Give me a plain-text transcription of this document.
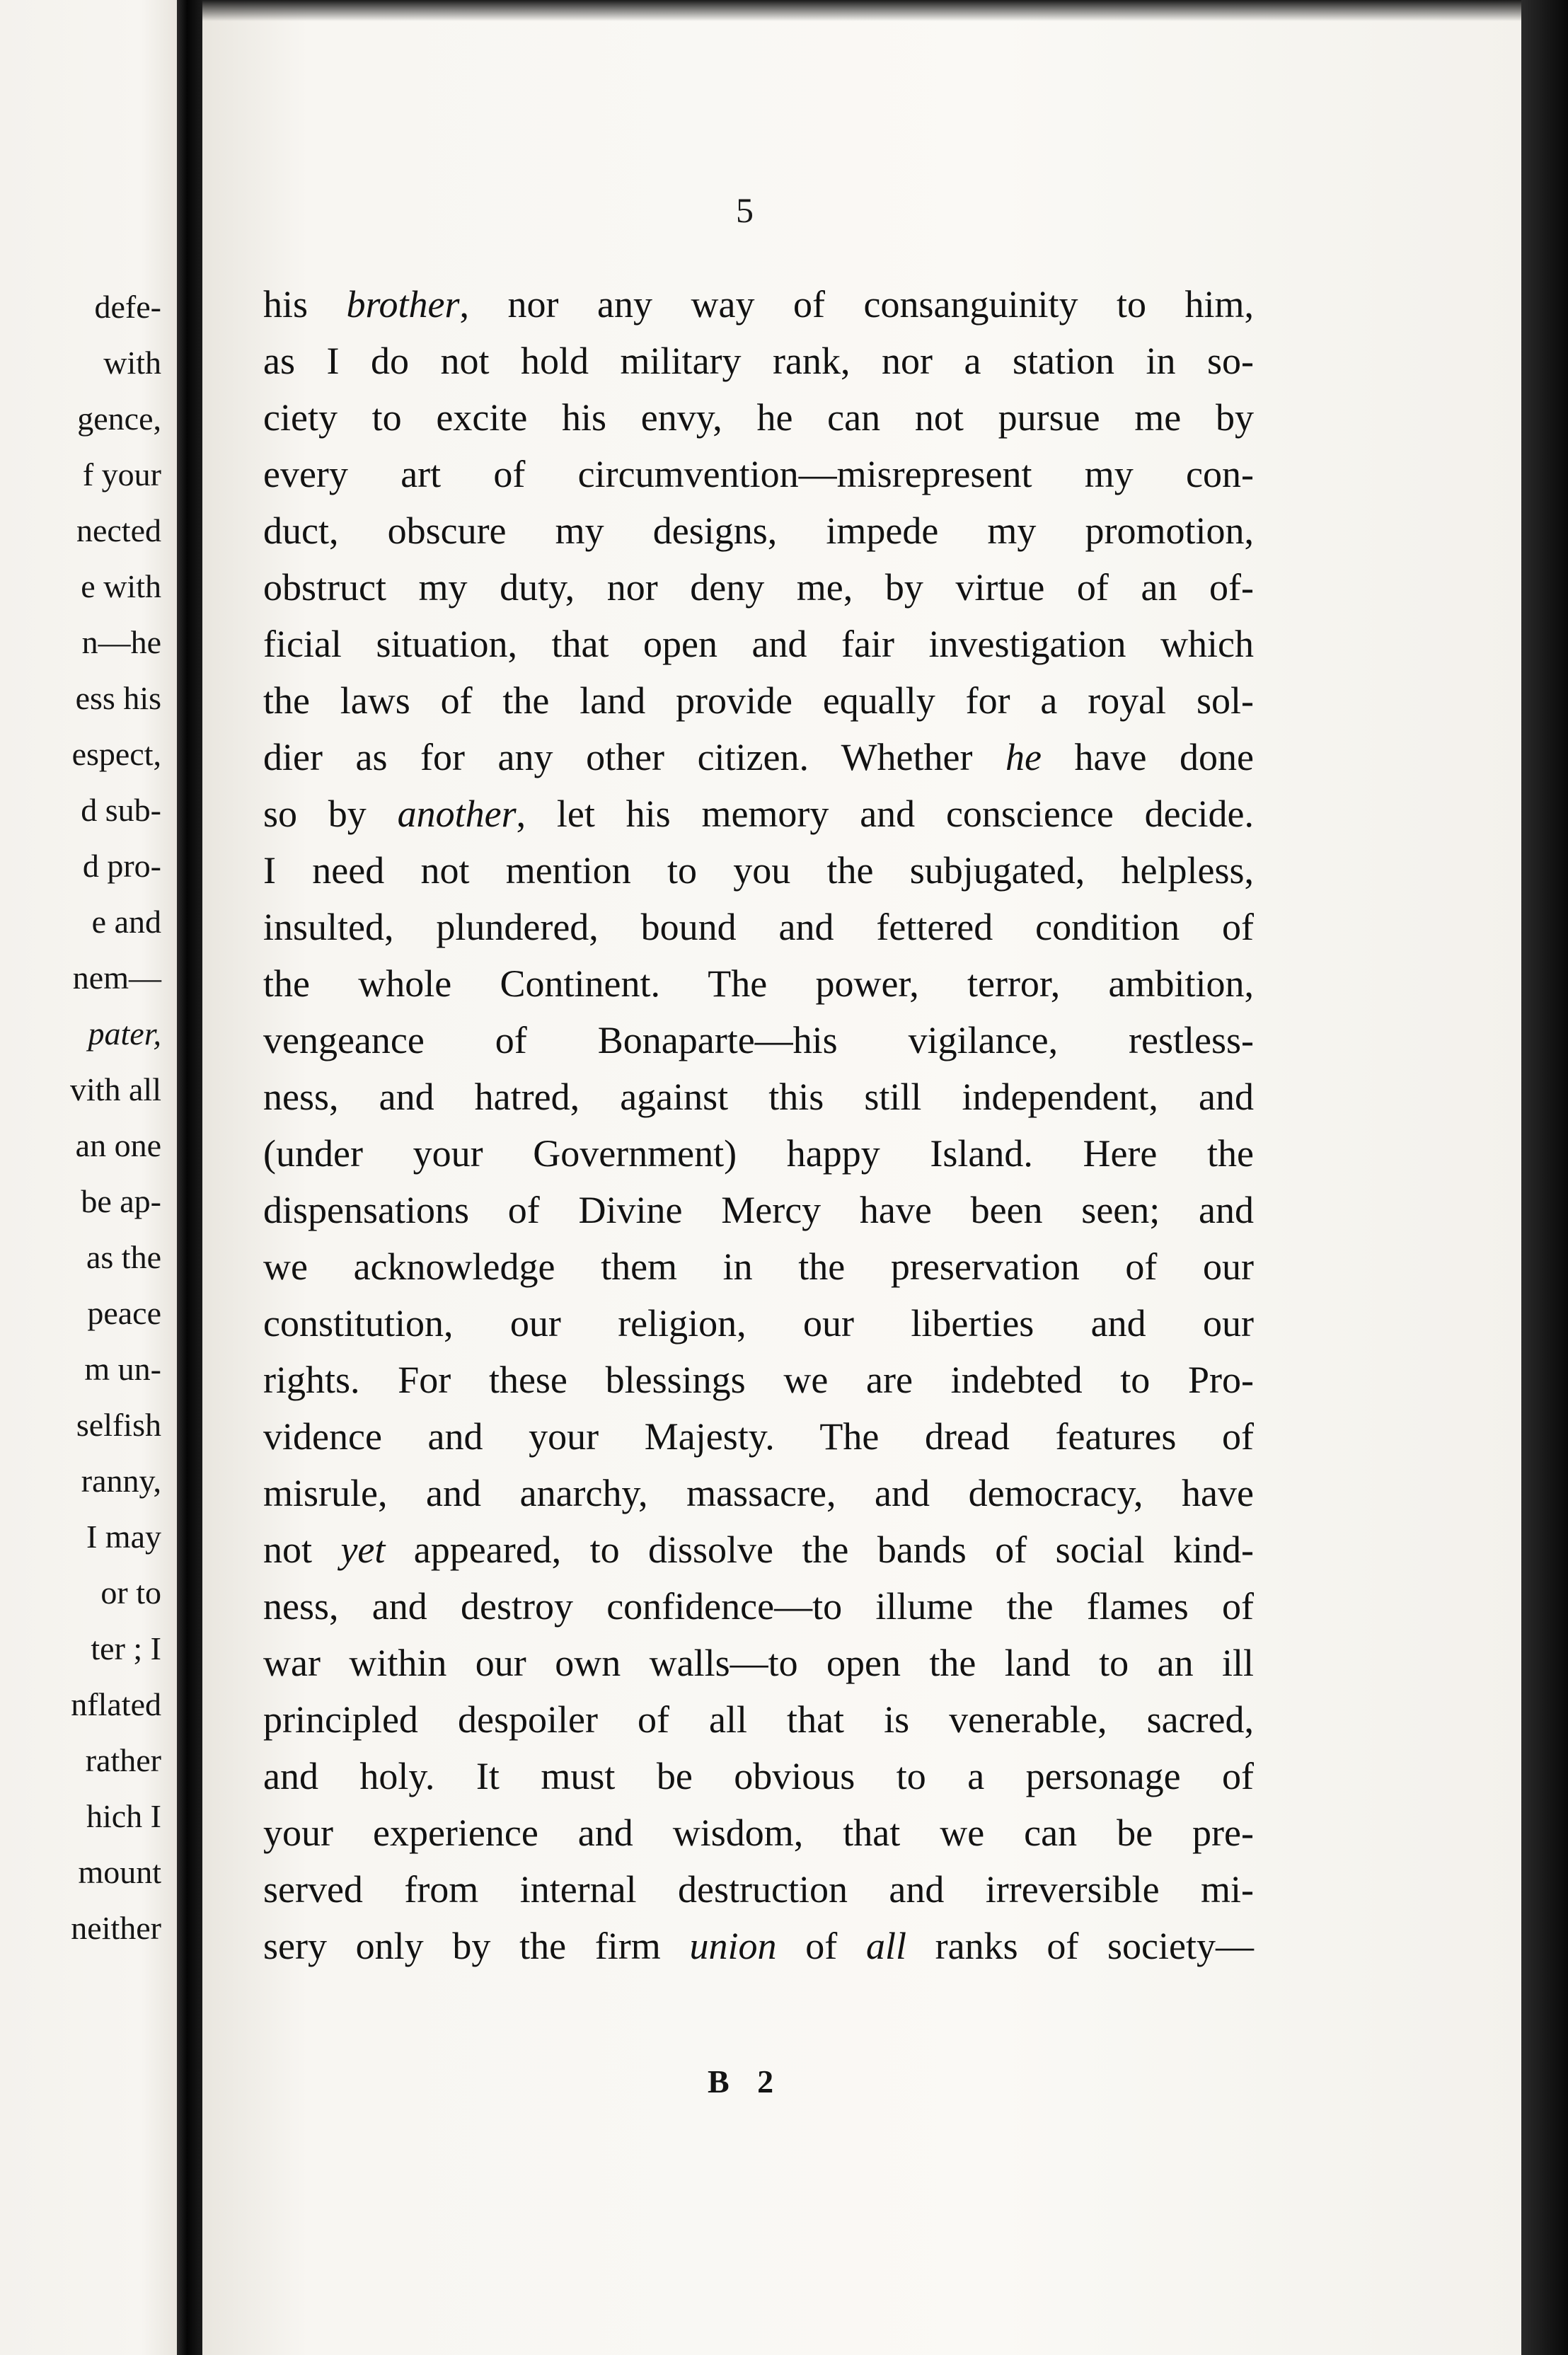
defe-
with
gence,
f your
nected
e with
n—he
ess his
espect,
d sub-
d pro-
e and
nem—
pater,
vith all
an one
be ap-
as the
peace
m un-
selfish
ranny,
I may
or to
ter ; I
nflated
rather
hich I
mount
neither
5
his brother, nor any way of consanguinity to him,
as I do not hold military rank, nor a station in so-
ciety to excite his envy, he can not pursue me by
every art of circumvention—misrepresent my con-
duct, obscure my designs, impede my promotion,
obstruct my duty, nor deny me, by virtue of an of-
ficial situation, that open and fair investigation which
the laws of the land provide equally for a royal sol-
dier as for any other citizen. Whether he have done
so by another, let his memory and conscience decide.
I need not mention to you the subjugated, helpless,
insulted, plundered, bound and fettered condition of
the whole Continent. The power, terror, ambition,
vengeance of Bonaparte—his vigilance, restless-
ness, and hatred, against this still independent, and
(under your Government) happy Island. Here the
dispensations of Divine Mercy have been seen; and
we acknowledge them in the preservation of our
constitution, our religion, our liberties and our
rights. For these blessings we are indebted to Pro-
vidence and your Majesty. The dread features of
misrule, and anarchy, massacre, and democracy, have
not yet appeared, to dissolve the bands of social kind-
ness, and destroy confidence—to illume the flames of
war within our own walls—to open the land to an ill
principled despoiler of all that is venerable, sacred,
and holy. It must be obvious to a personage of
your experience and wisdom, that we can be pre-
served from internal destruction and irreversible mi-
sery only by the firm union of all ranks of society—
B 2
